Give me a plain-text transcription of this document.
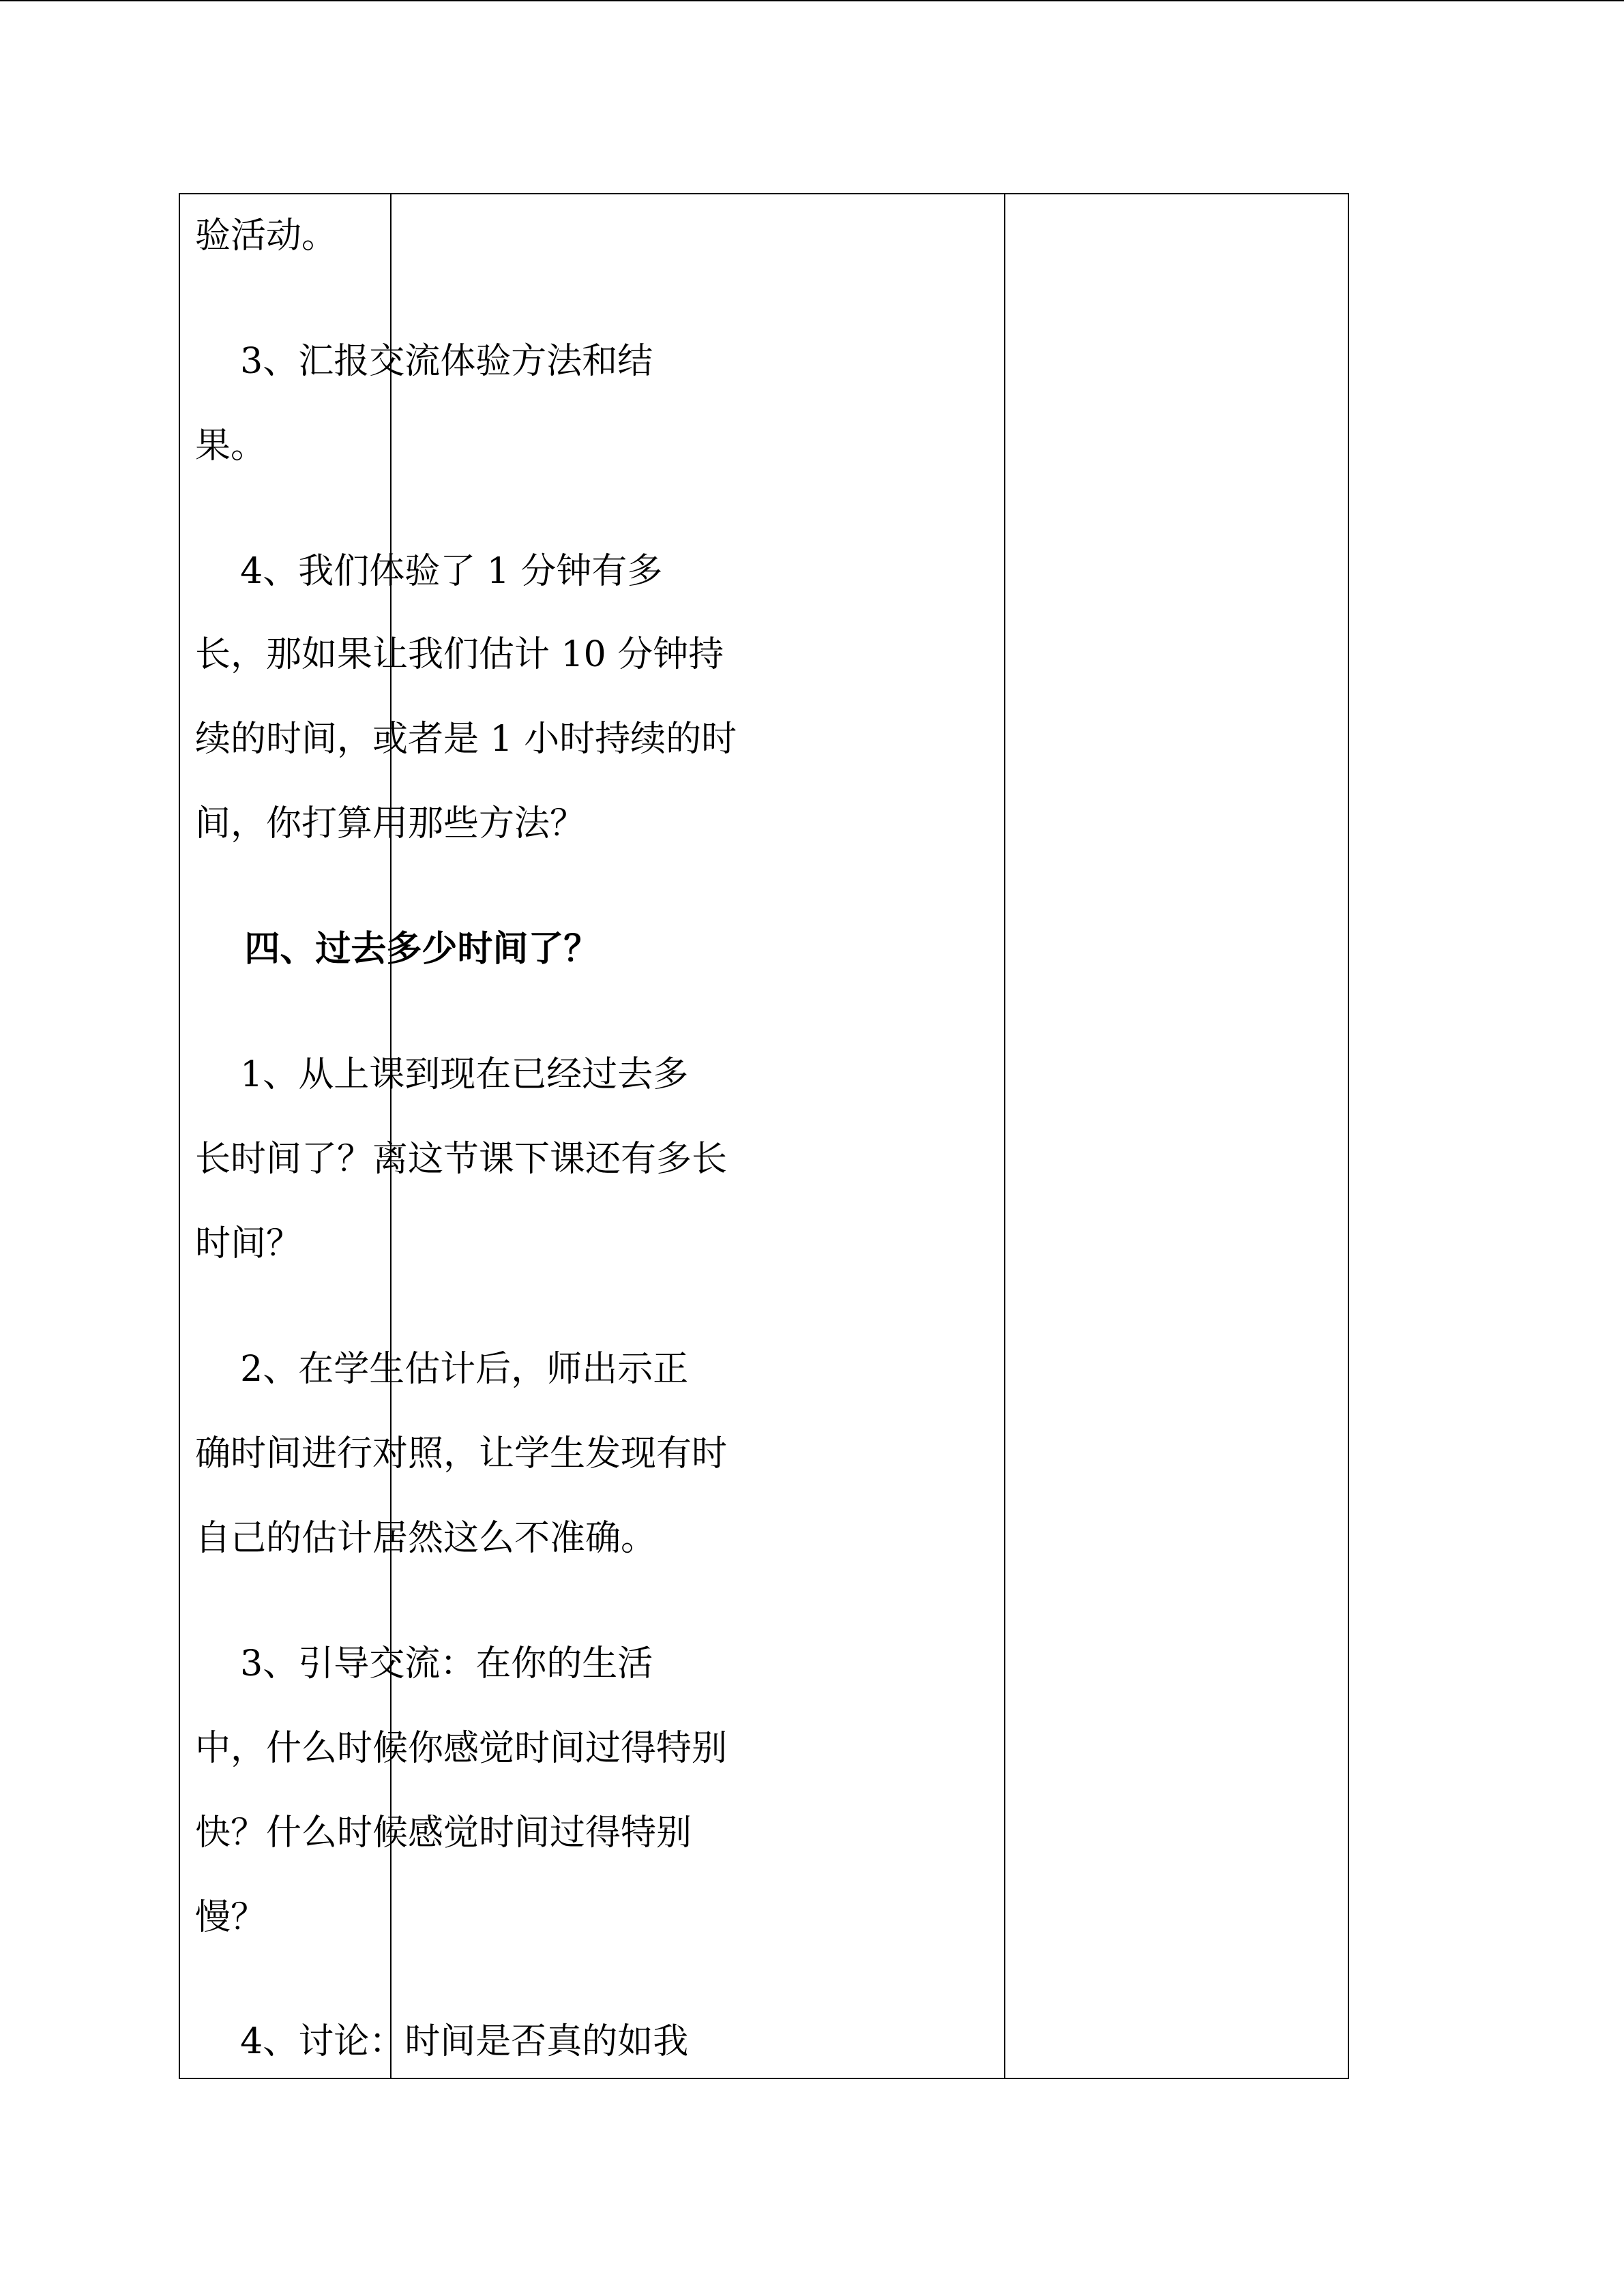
验活动。
3、汇报交流体验方法和结
果。
4、我们体验了 1 分钟有多
长，那如果让我们估计 10 分钟持
续的时间，或者是 1 小时持续的时
间，你打算用那些方法？
四、过去多少时间了？
1、从上课到现在已经过去多
长时间了？离这节课下课还有多长
时间？
2、在学生估计后，师出示正
确时间进行对照，让学生发现有时
自己的估计居然这么不准确。
3、引导交流：在你的生活
中，什么时候你感觉时间过得特别
快？什么时候感觉时间过得特别
慢？
4、讨论：时间是否真的如我
